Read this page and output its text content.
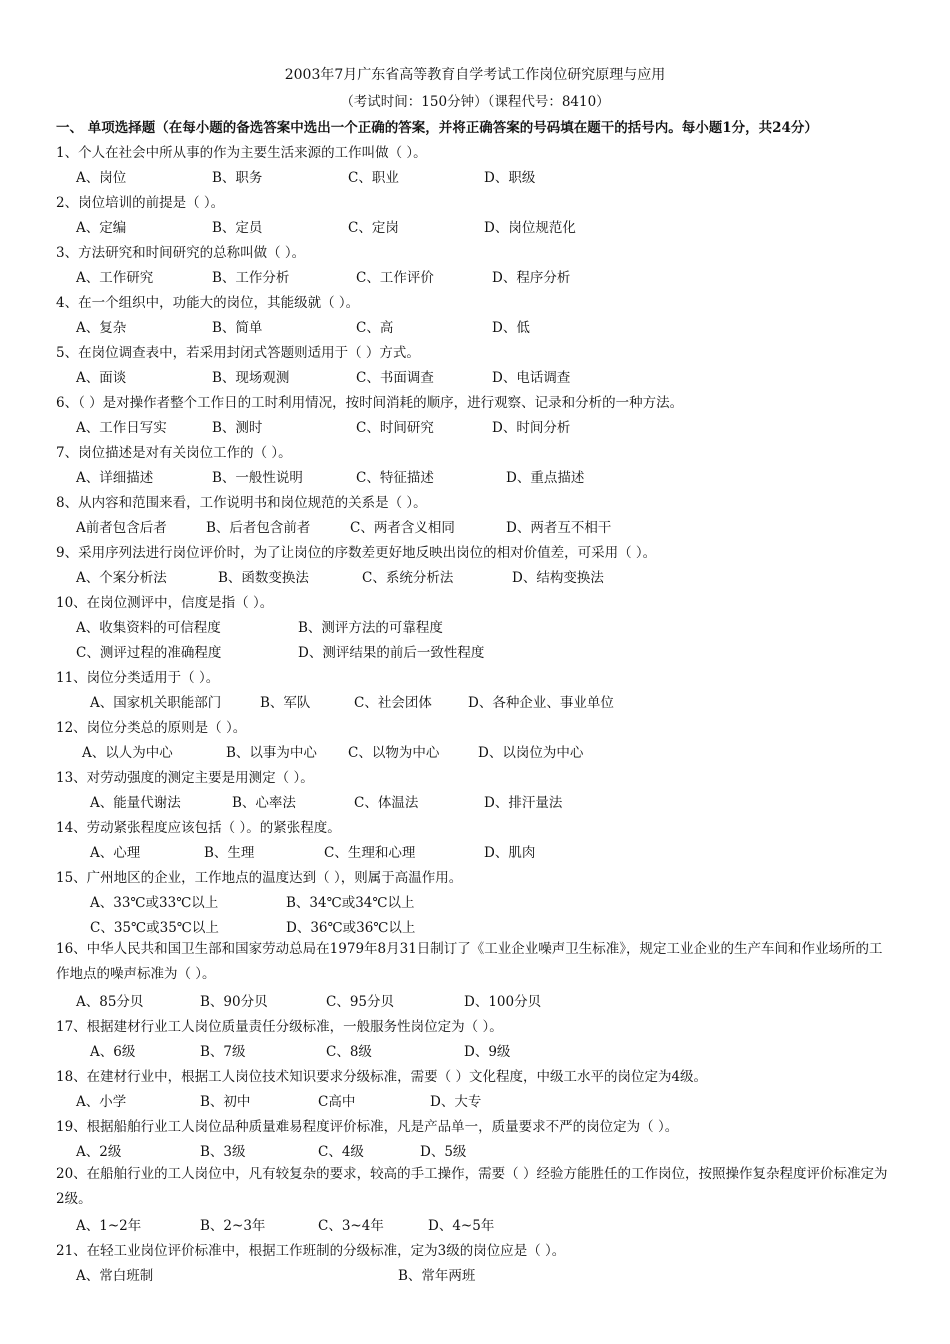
2003年7月广东省高等教育自学考试工作岗位研究原理与应用
（考试时间：150分钟）（课程代号：8410）
一、 单项选择题（在每小题的备选答案中选出一个正确的答案，并将正确答案的号码填在题干的括号内。每小题1分，共24分）
1、个人在社会中所从事的作为主要生活来源的工作叫做（ ）。
A、岗位	B、职务	C、职业	D、职级
2、岗位培训的前提是（ ）。
A、定编	B、定员	C、定岗	D、岗位规范化
3、方法研究和时间研究的总称叫做（ ）。
A、工作研究	B、工作分析	C、工作评价	D、程序分析
4、在一个组织中，功能大的岗位，其能级就（ ）。
A、复杂	B、简单	C、高	D、低
5、在岗位调查表中，若采用封闭式答题则适用于（ ）方式。
A、面谈	B、现场观测	C、书面调查	D、电话调查
6、（ ）是对操作者整个工作日的工时利用情况，按时间消耗的顺序，进行观察、记录和分析的一种方法。
A、工作日写实	B、测时	C、时间研究	D、时间分析
7、岗位描述是对有关岗位工作的（ ）。
A、详细描述	B、一般性说明	C、特征描述	D、重点描述
8、从内容和范围来看，工作说明书和岗位规范的关系是（ ）。
A前者包含后者	B、后者包含前者	C、两者含义相同	D、两者互不相干
9、采用序列法进行岗位评价时，为了让岗位的序数差更好地反映出岗位的相对价值差，可采用（ ）。
A、个案分析法	B、函数变换法	C、系统分析法	D、结构变换法
10、在岗位测评中，信度是指（ ）。
A、收集资料的可信程度	B、测评方法的可靠程度
C、测评过程的准确程度	D、测评结果的前后一致性程度
11、岗位分类适用于（ ）。
A、国家机关职能部门	B、军队	C、社会团体	D、各种企业、事业单位
12、岗位分类总的原则是（ ）。
A、以人为中心	B、以事为中心 C、以物为中心	D、以岗位为中心
13、对劳动强度的测定主要是用测定（ ）。
A、能量代谢法	B、心率法	C、体温法	D、排汗量法
14、劳动紧张程度应该包括（ ）。的紧张程度。
A、心理	B、生理	C、生理和心理	D、肌肉
15、广州地区的企业，工作地点的温度达到（ ），则属于高温作用。
A、33℃或33℃以上	B、34℃或34℃以上
C、35℃或35℃以上	D、36℃或36℃以上
16、中华人民共和国卫生部和国家劳动总局在1979年8月31日制订了《工业企业噪声卫生标准》，规定工业企业的生产车间和作业场所的工作地点的噪声标准为（ ）。
A、85分贝	B、90分贝	C、95分贝	D、100分贝
17、根据建材行业工人岗位质量责任分级标准，一般服务性岗位定为（ ）。
A、6级	B、7级	C、8级	D、9级
18、在建材行业中，根据工人岗位技术知识要求分级标准，需要（ ）文化程度，中级工水平的岗位定为4级。
A、小学	B、初中	C高中	D、大专
19、根据船舶行业工人岗位品种质量难易程度评价标准，凡是产品单一，质量要求不严的岗位定为（ ）。
A、2级	B、3级	C、4级	D、5级
20、在船舶行业的工人岗位中，凡有较复杂的要求，较高的手工操作，需要（ ）经验方能胜任的工作岗位，按照操作复杂程度评价标准定为2级。
A、1~2年	B、2~3年	C、3~4年	D、4~5年
21、在轻工业岗位评价标准中，根据工作班制的分级标准，定为3级的岗位应是（ ）。
A、常白班制	B、常年两班
